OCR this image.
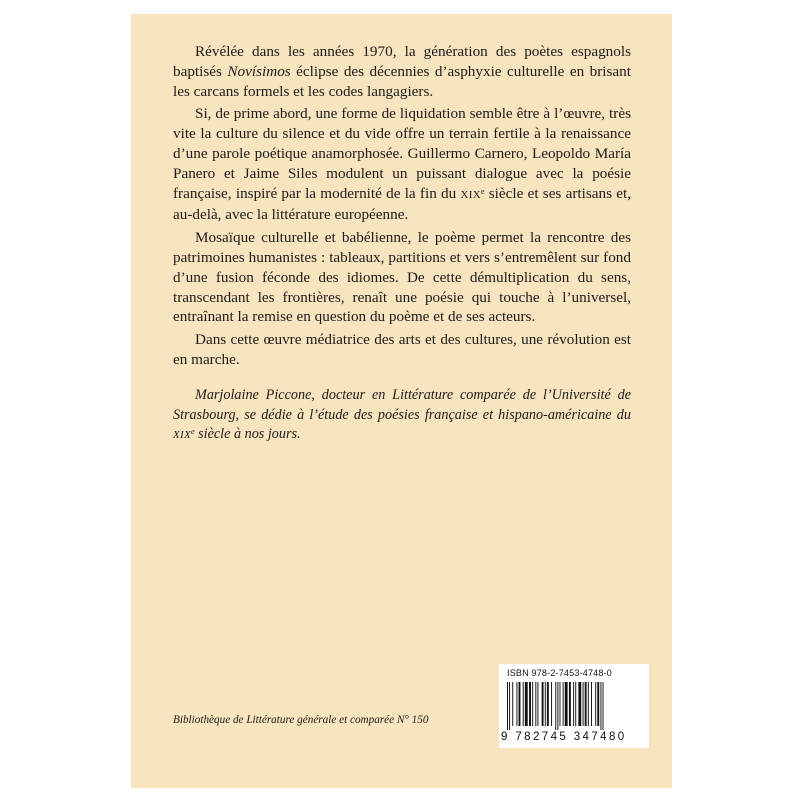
Révélée dans les années 1970, la génération des poètes espagnols baptisés Novísimos éclipse des décennies d’asphyxie culturelle en brisant les carcans formels et les codes langagiers.

Si, de prime abord, une forme de liquidation semble être à l’œuvre, très vite la culture du silence et du vide offre un terrain fertile à la renaissance d’une parole poétique anamorphosée. Guillermo Carnero, Leopoldo María Panero et Jaime Siles modulent un puissant dialogue avec la poésie française, inspiré par la modernité de la fin du XIXe siècle et ses artisans et, au-delà, avec la littérature européenne.

Mosaïque culturelle et babélienne, le poème permet la rencontre des patrimoines humanistes : tableaux, partitions et vers s’entremêlent sur fond d’une fusion féconde des idiomes. De cette démultiplication du sens, transcendant les frontières, renaît une poésie qui touche à l’universel, entraînant la remise en question du poème et de ses acteurs.

Dans cette œuvre médiatrice des arts et des cultures, une révolution est en marche.

Marjolaine Piccone, docteur en Littérature comparée de l’Université de Strasbourg, se dédie à l’étude des poésies française et hispano-américaine du XIXe siècle à nos jours.

Bibliothèque de Littérature générale et comparée N° 150
ISBN 978-2-7453-4748-0
9 782745 347480
